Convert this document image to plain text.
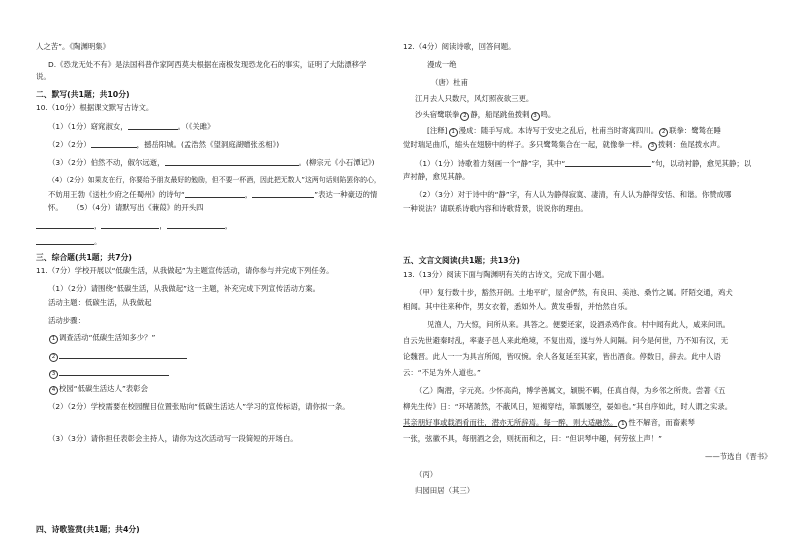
人之苦”。《陶渊明集》
D.《恐龙无处不有》是法国科普作家阿西莫夫根据在南极发现恐龙化石的事实，证明了大陆漂移学
说。
二、默写(共1题；共10分)
10.（10分）根据课文默写古诗文。
（1）（1分）窈窕淑女，	。（《关雎》
（2）（2分）	，撼岳阳城。(孟浩然《望洞庭湖赠张丞相》)
（3）（2分）伯然不动，俶尔远逝，	。(柳宗元《小石潭记》)
（4）（2分）如果友在行，你要给予朋友最好的勉励，但不要一杯酒，因此把无数人”这两句话则陷罢你的心，
不妨用王勃《送杜少府之任蜀州》的诗句“	，	”表达一种豪迈的情
怀。 （5）（4分）请默写出《蒹葭》的开头四
，	，	，
。
三、综合题(共1题；共7分)
11.（7分）学校开展以“低碳生活，从我做起”为主题宣传活动，请你参与并完成下列任务。
（1）（2分）请围绕“低碳生活，从我做起”这一主题，补充完成下列宣传活动方案。
活动主题：低碳生活，从我做起
活动步骤：
1 调查活动“低碳生活知多少？”
2
3
4 校园“低碳生活达人”表彰会
（2）（2分）学校需要在校园醒目位置张贴向“低碳生活达人”学习的宣传标语，请你拟一条。
（3）（3分）请你担任表彰会主持人，请你为这次活动写一段简短的开场白。
四、诗歌鉴赏(共1题；共4分)
12.（4分）阅读诗歌，回答问题。
漫成一绝
（唐）杜甫
江月去人只数尺，风灯照夜欲三更。
沙头宿鹭联拳 2 静，船尾跳鱼拨剌 3 鸣。
[注释] 1 漫成：随手写成。本诗写于安史之乱后，杜甫当时寄寓四川。 2 联拳：鹭鸶在睡
觉时瑞足曲爪，缩头在翅膀中的样子。多只鹭鸶集合在一起，就像拳一样。 3 拨剌：鱼尾拨水声。
（1）（1分）诗歌着力刻画一个“静”字，其中“	”句，以动衬静，愈见其静；以
声衬静，愈见其静。
（2）（3分）对于诗中的“静”字，有人认为静得寂寞、凄清，有人认为静得安恬、和谐。你赞成哪
一种说法？请联系诗歌内容和诗歌背景，说说你的理由。
五、文言文阅读(共1题；共13分)
13.（13分）阅读下面与陶渊明有关的古诗文，完成下面小题。
（甲）复行数十步，豁然开朗。土地平旷，屋舍俨然，有良田、美池、桑竹之属。阡陌交通，鸡犬
相闻。其中往来种作，男女衣着，悉如外人。黄发垂髫，并怡然自乐。
见渔人，乃大惊，问所从来。具答之。便要还家，设酒杀鸡作食。村中闻有此人，咸来问讯。
自云先世避秦时乱，率妻子邑人来此绝境，不复出焉，遂与外人间隔。问今是何世，乃不知有汉，无
论魏晋。此人一一为具言所闻，皆叹惋。余人各复延至其家，皆出酒食。停数日，辞去。此中人语
云：“不足为外人道也。”
（乙）陶潜，字元亮。少怀高尚，博学善属文，颖脱不羁，任真自得，为乡邻之所贵。尝著《五
柳先生传》日：“环堵萧然，不蔽风日，短褐穿结，箪瓢屡空，晏如也。”其自序如此，时人谓之实录。
其亲朋好事或载酒肴而往，潜亦无所辞焉。每一醉，则大适融然。 1 性不解音，而畜素琴
一张，弦徽不具，每朋酒之会，则抚而和之，曰：“但识琴中趣，何劳弦上声！”
——节选自《晋书》
（丙）
归园田居（其三）
